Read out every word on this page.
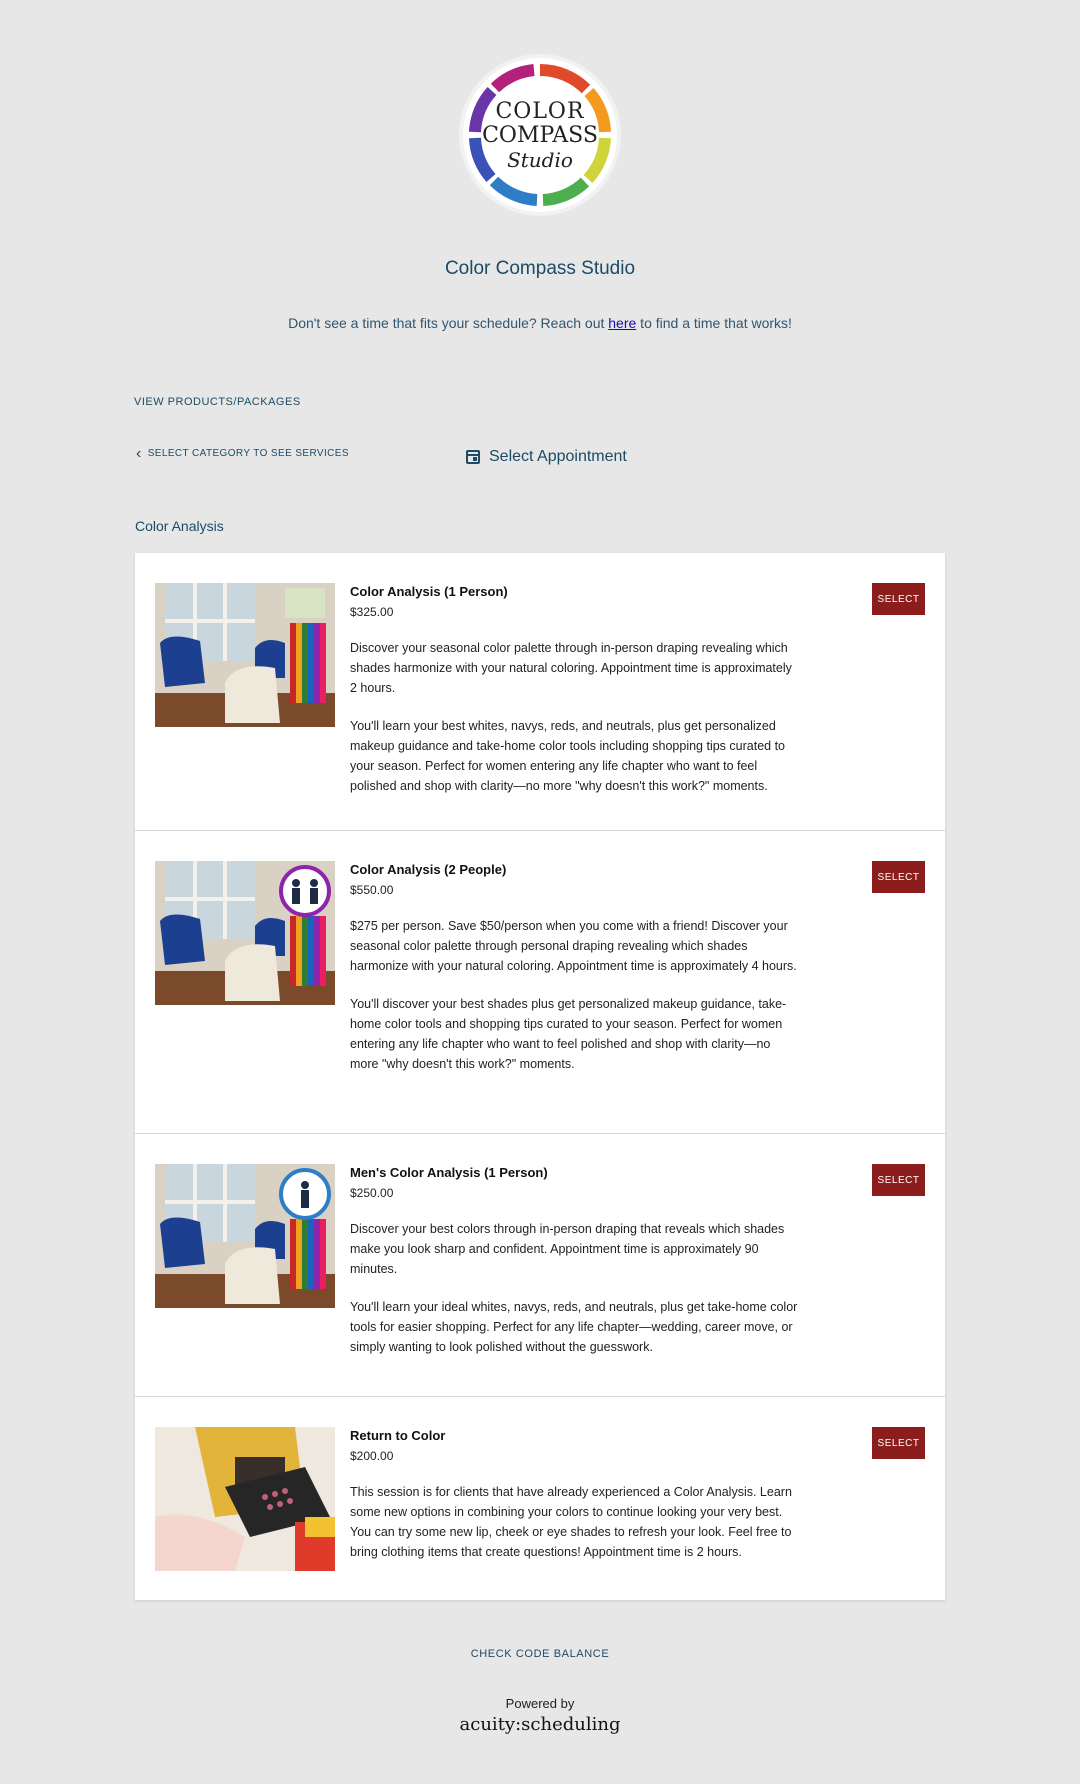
COLOR
COMPASS
Studio
Color Compass Studio
Don't see a time that fits your schedule? Reach out here to find a time that works!
VIEW PRODUCTS/PACKAGES
‹ SELECT CATEGORY TO SEE SERVICES	Select Appointment
Color Analysis
SELECT
Color Analysis (1 Person)
$325.00

Discover your seasonal color palette through in-person draping revealing which shades harmonize with your natural coloring. Appointment time is approximately 2 hours.

You'll learn your best whites, navys, reds, and neutrals, plus get personalized makeup guidance and take-home color tools including shopping tips curated to your season. Perfect for women entering any life chapter who want to feel polished and shop with clarity—no more "why doesn't this work?" moments.

SELECT
Color Analysis (2 People)
$550.00

$275 per person. Save $50/person when you come with a friend! Discover your seasonal color palette through personal draping revealing which shades harmonize with your natural coloring. Appointment time is approximately 4 hours.

You'll discover your best shades plus get personalized makeup guidance, take-home color tools and shopping tips curated to your season. Perfect for women entering any life chapter who want to feel polished and shop with clarity—no more "why doesn't this work?" moments.

SELECT
Men's Color Analysis (1 Person)
$250.00

Discover your best colors through in-person draping that reveals which shades make you look sharp and confident. Appointment time is approximately 90 minutes.

You'll learn your ideal whites, navys, reds, and neutrals, plus get take-home color tools for easier shopping. Perfect for any life chapter—wedding, career move, or simply wanting to look polished without the guesswork.

SELECT
Return to Color
$200.00

This session is for clients that have already experienced a Color Analysis. Learn some new options in combining your colors to continue looking your very best. You can try some new lip, cheek or eye shades to refresh your look. Feel free to bring clothing items that create questions! Appointment time is 2 hours.

CHECK CODE BALANCE
Powered by
acuity:scheduling
